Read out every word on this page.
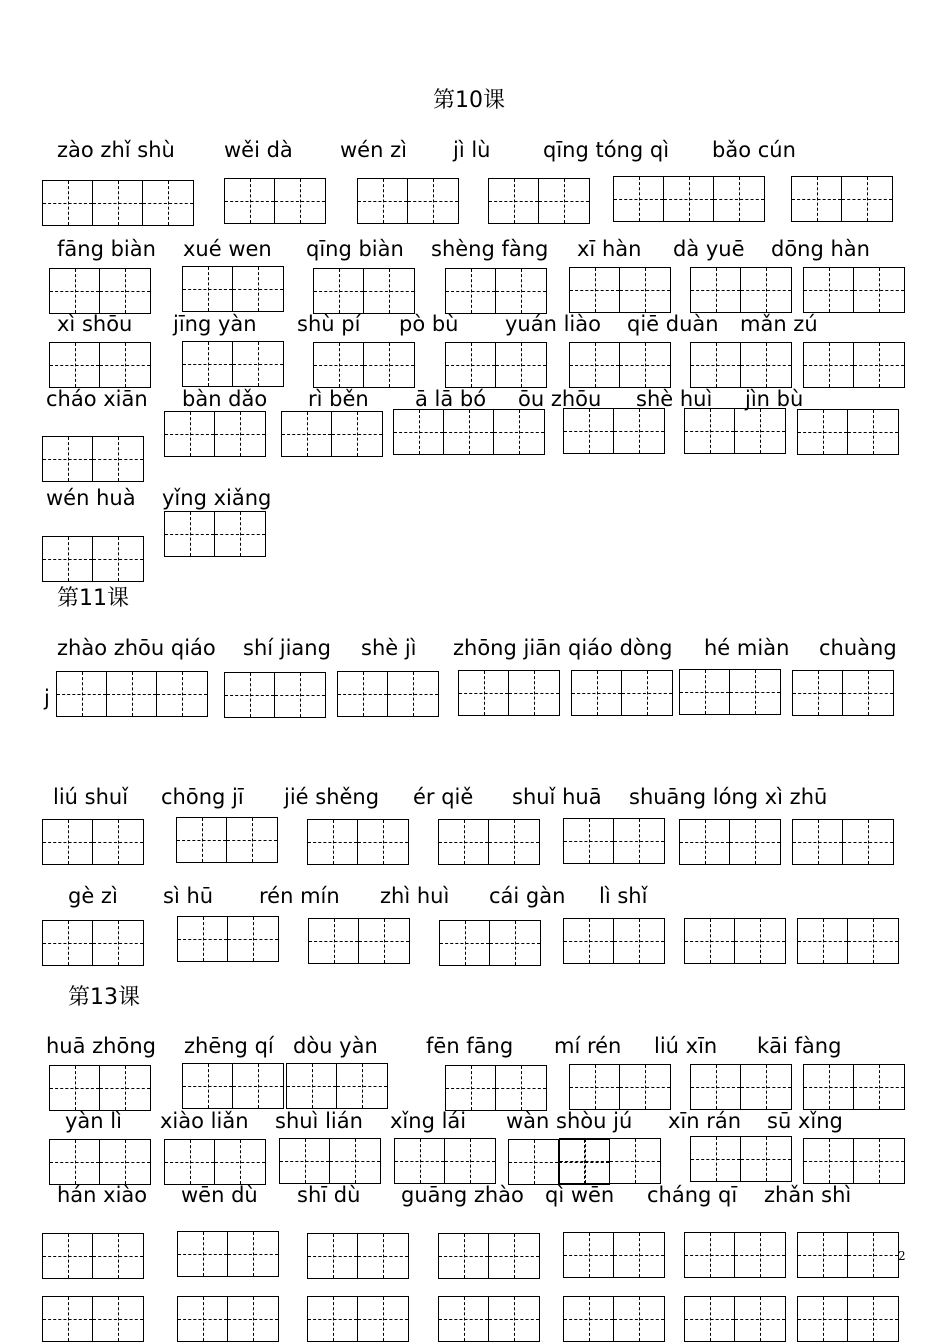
第10课
第11课
第13课
zào zhǐ shù wěi dà wén zì jì lù	qīng tóng qì bǎo cún
fāng biàn xué wen qīng biàn shèng fàng xī hàn dà yuē dōng hàn
xì shōu jīng yàn shù pí pò bù yuán liào qiē duàn mǎn zú
cháo xiān bàn dǎo rì běn ā lā bó ōu zhōu shè huì jìn bù
wén huà yǐng xiǎng
zhào zhōu qiáo shí jiang shè jì zhōng jiān qiáo dòng hé miàn chuàng
j
liú shuǐ chōng jī jié shěng ér qiě shuǐ huā shuāng lóng xì zhū
gè zì sì hū rén mín zhì huì cái gàn lì shǐ
huā zhōng zhēng qí dòu yàn fēn fāng mí rén liú xīn kāi fàng
yàn lì xiào liǎn shuì lián xǐng lái wàn shòu jú xīn rán sū xǐng
hán xiào wēn dù shī dù guāng zhào qì wēn cháng qī zhǎn shì
2
